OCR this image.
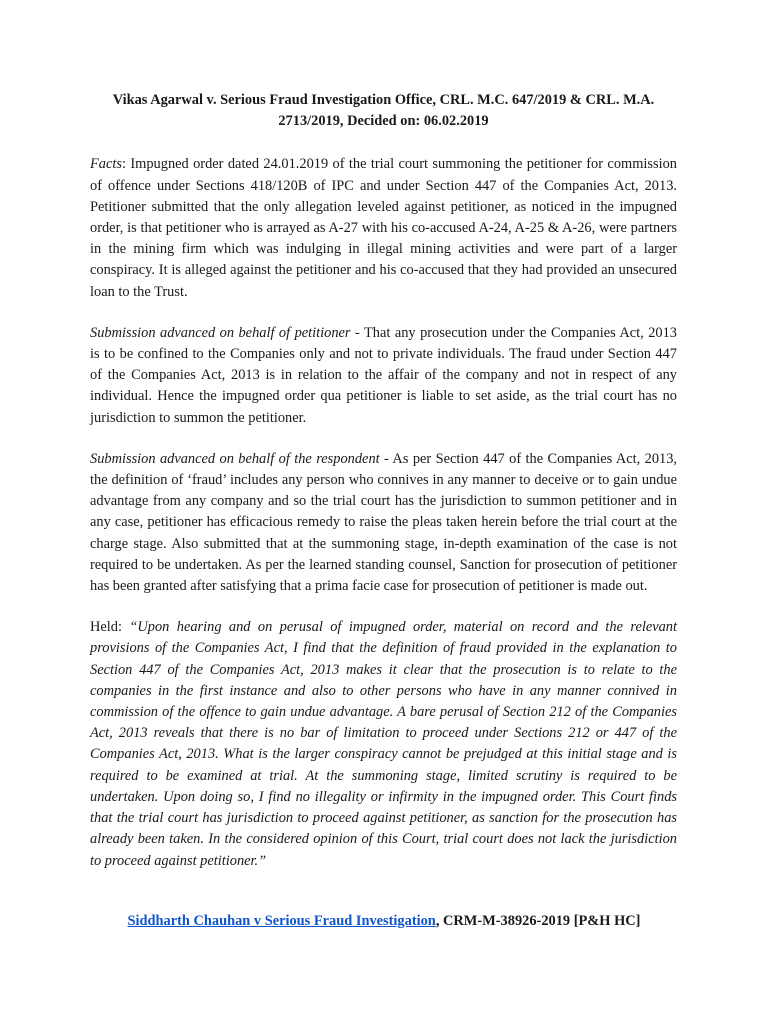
Vikas Agarwal v. Serious Fraud Investigation Office, CRL. M.C. 647/2019 & CRL. M.A. 2713/2019, Decided on: 06.02.2019

Facts: Impugned order dated 24.01.2019 of the trial court summoning the petitioner for commission of offence under Sections 418/120B of IPC and under Section 447 of the Companies Act, 2013. Petitioner submitted that the only allegation leveled against petitioner, as noticed in the impugned order, is that petitioner who is arrayed as A-27 with his co-accused A-24, A-25 & A-26, were partners in the mining firm which was indulging in illegal mining activities and were part of a larger conspiracy. It is alleged against the petitioner and his co-accused that they had provided an unsecured loan to the Trust.

Submission advanced on behalf of petitioner - That any prosecution under the Companies Act, 2013 is to be confined to the Companies only and not to private individuals. The fraud under Section 447 of the Companies Act, 2013 is in relation to the affair of the company and not in respect of any individual. Hence the impugned order qua petitioner is liable to set aside, as the trial court has no jurisdiction to summon the petitioner.

Submission advanced on behalf of the respondent - As per Section 447 of the Companies Act, 2013, the definition of ‘fraud’ includes any person who connives in any manner to deceive or to gain undue advantage from any company and so the trial court has the jurisdiction to summon petitioner and in any case, petitioner has efficacious remedy to raise the pleas taken herein before the trial court at the charge stage. Also submitted that at the summoning stage, in-depth examination of the case is not required to be undertaken. As per the learned standing counsel, Sanction for prosecution of petitioner has been granted after satisfying that a prima facie case for prosecution of petitioner is made out.

Held: “Upon hearing and on perusal of impugned order, material on record and the relevant provisions of the Companies Act, I find that the definition of fraud provided in the explanation to Section 447 of the Companies Act, 2013 makes it clear that the prosecution is to relate to the companies in the first instance and also to other persons who have in any manner connived in commission of the offence to gain undue advantage. A bare perusal of Section 212 of the Companies Act, 2013 reveals that there is no bar of limitation to proceed under Sections 212 or 447 of the Companies Act, 2013. What is the larger conspiracy cannot be prejudged at this initial stage and is required to be examined at trial. At the summoning stage, limited scrutiny is required to be undertaken. Upon doing so, I find no illegality or infirmity in the impugned order. This Court finds that the trial court has jurisdiction to proceed against petitioner, as sanction for the prosecution has already been taken. In the considered opinion of this Court, trial court does not lack the jurisdiction to proceed against petitioner.”

Siddharth Chauhan v Serious Fraud Investigation, CRM-M-38926-2019 [P&H HC]
